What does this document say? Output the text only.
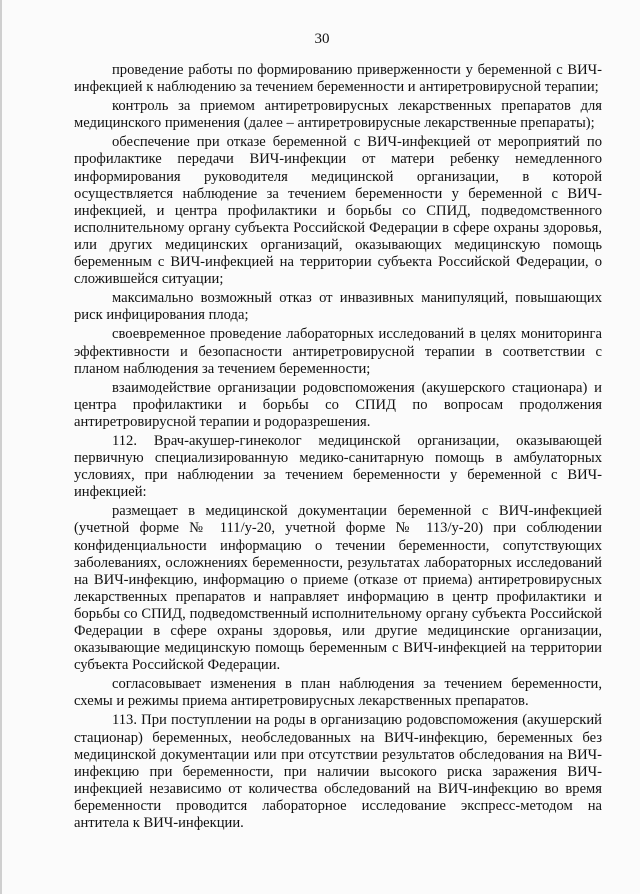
30

проведение работы по формированию приверженности у беременной с ВИЧ-инфекцией к наблюдению за течением беременности и антиретровирусной терапии;

контроль за приемом антиретровирусных лекарственных препаратов для медицинского применения (далее – антиретровирусные лекарственные препараты);

обеспечение при отказе беременной с ВИЧ-инфекцией от мероприятий по профилактике передачи ВИЧ-инфекции от матери ребенку немедленного информирования руководителя медицинской организации, в которой осуществляется наблюдение за течением беременности у беременной с ВИЧ-инфекцией, и центра профилактики и борьбы со СПИД, подведомственного исполнительному органу субъекта Российской Федерации в сфере охраны здоровья, или других медицинских организаций, оказывающих медицинскую помощь беременным с ВИЧ-инфекцией на территории субъекта Российской Федерации, о сложившейся ситуации;

максимально возможный отказ от инвазивных манипуляций, повышающих риск инфицирования плода;

своевременное проведение лабораторных исследований в целях мониторинга эффективности и безопасности антиретровирусной терапии в соответствии с планом наблюдения за течением беременности;

взаимодействие организации родовспоможения (акушерского стационара) и центра профилактики и борьбы со СПИД по вопросам продолжения антиретровирусной терапии и родоразрешения.

112. Врач-акушер-гинеколог медицинской организации, оказывающей первичную специализированную медико-санитарную помощь в амбулаторных условиях, при наблюдении за течением беременности у беременной с ВИЧ-инфекцией:

размещает в медицинской документации беременной с ВИЧ-инфекцией (учетной форме № 111/у-20, учетной форме № 113/у-20) при соблюдении конфиденциальности информацию о течении беременности, сопутствующих заболеваниях, осложнениях беременности, результатах лабораторных исследований на ВИЧ-инфекцию, информацию о приеме (отказе от приема) антиретровирусных лекарственных препаратов и направляет информацию в центр профилактики и борьбы со СПИД, подведомственный исполнительному органу субъекта Российской Федерации в сфере охраны здоровья, или другие медицинские организации, оказывающие медицинскую помощь беременным с ВИЧ-инфекцией на территории субъекта Российской Федерации.

согласовывает изменения в план наблюдения за течением беременности, схемы и режимы приема антиретровирусных лекарственных препаратов.

113. При поступлении на роды в организацию родовспоможения (акушерский стационар) беременных, необследованных на ВИЧ-инфекцию, беременных без медицинской документации или при отсутствии результатов обследования на ВИЧ-инфекцию при беременности, при наличии высокого риска заражения ВИЧ-инфекцией независимо от количества обследований на ВИЧ-инфекцию во время беременности проводится лабораторное исследование экспресс-методом на антитела к ВИЧ-инфекции.
